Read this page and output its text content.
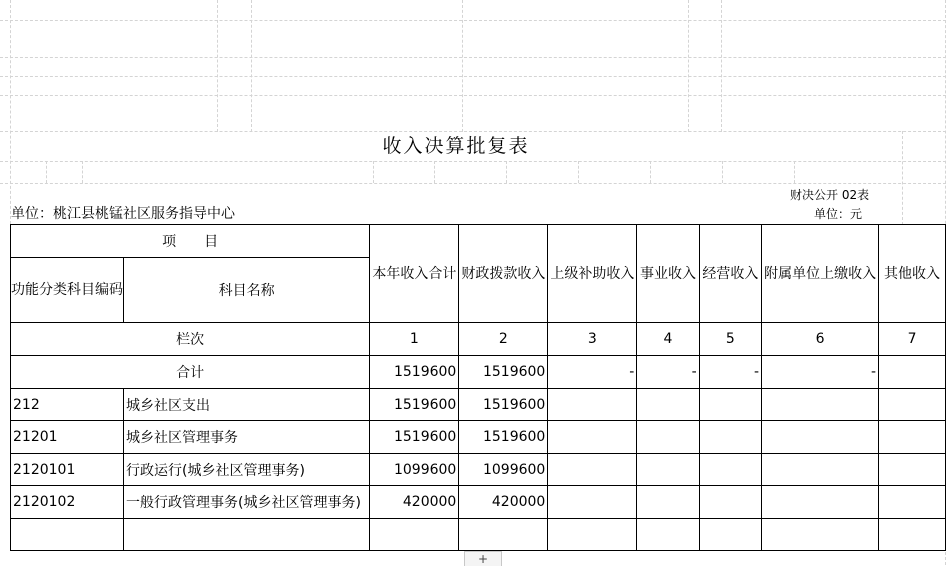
收入决算批复表
财决公开 02表
单位：元
单位：桃江县桃锰社区服务指导中心
项　　目		本年收入合计	财政拨款收入	上级补助收入	事业收入	经营收入	附属单位上缴收入	其他收入
功能分类科目编码	科目名称							
栏次		1	2	3	4	5	6	7
合计		1519600	1519600	-	-	-	-	
212	城乡社区支出	1519600	1519600					
21201	城乡社区管理事务	1519600	1519600					
2120101	行政运行(城乡社区管理事务)	1099600	1099600					
2120102	一般行政管理事务(城乡社区管理事务)	420000	420000					

+
